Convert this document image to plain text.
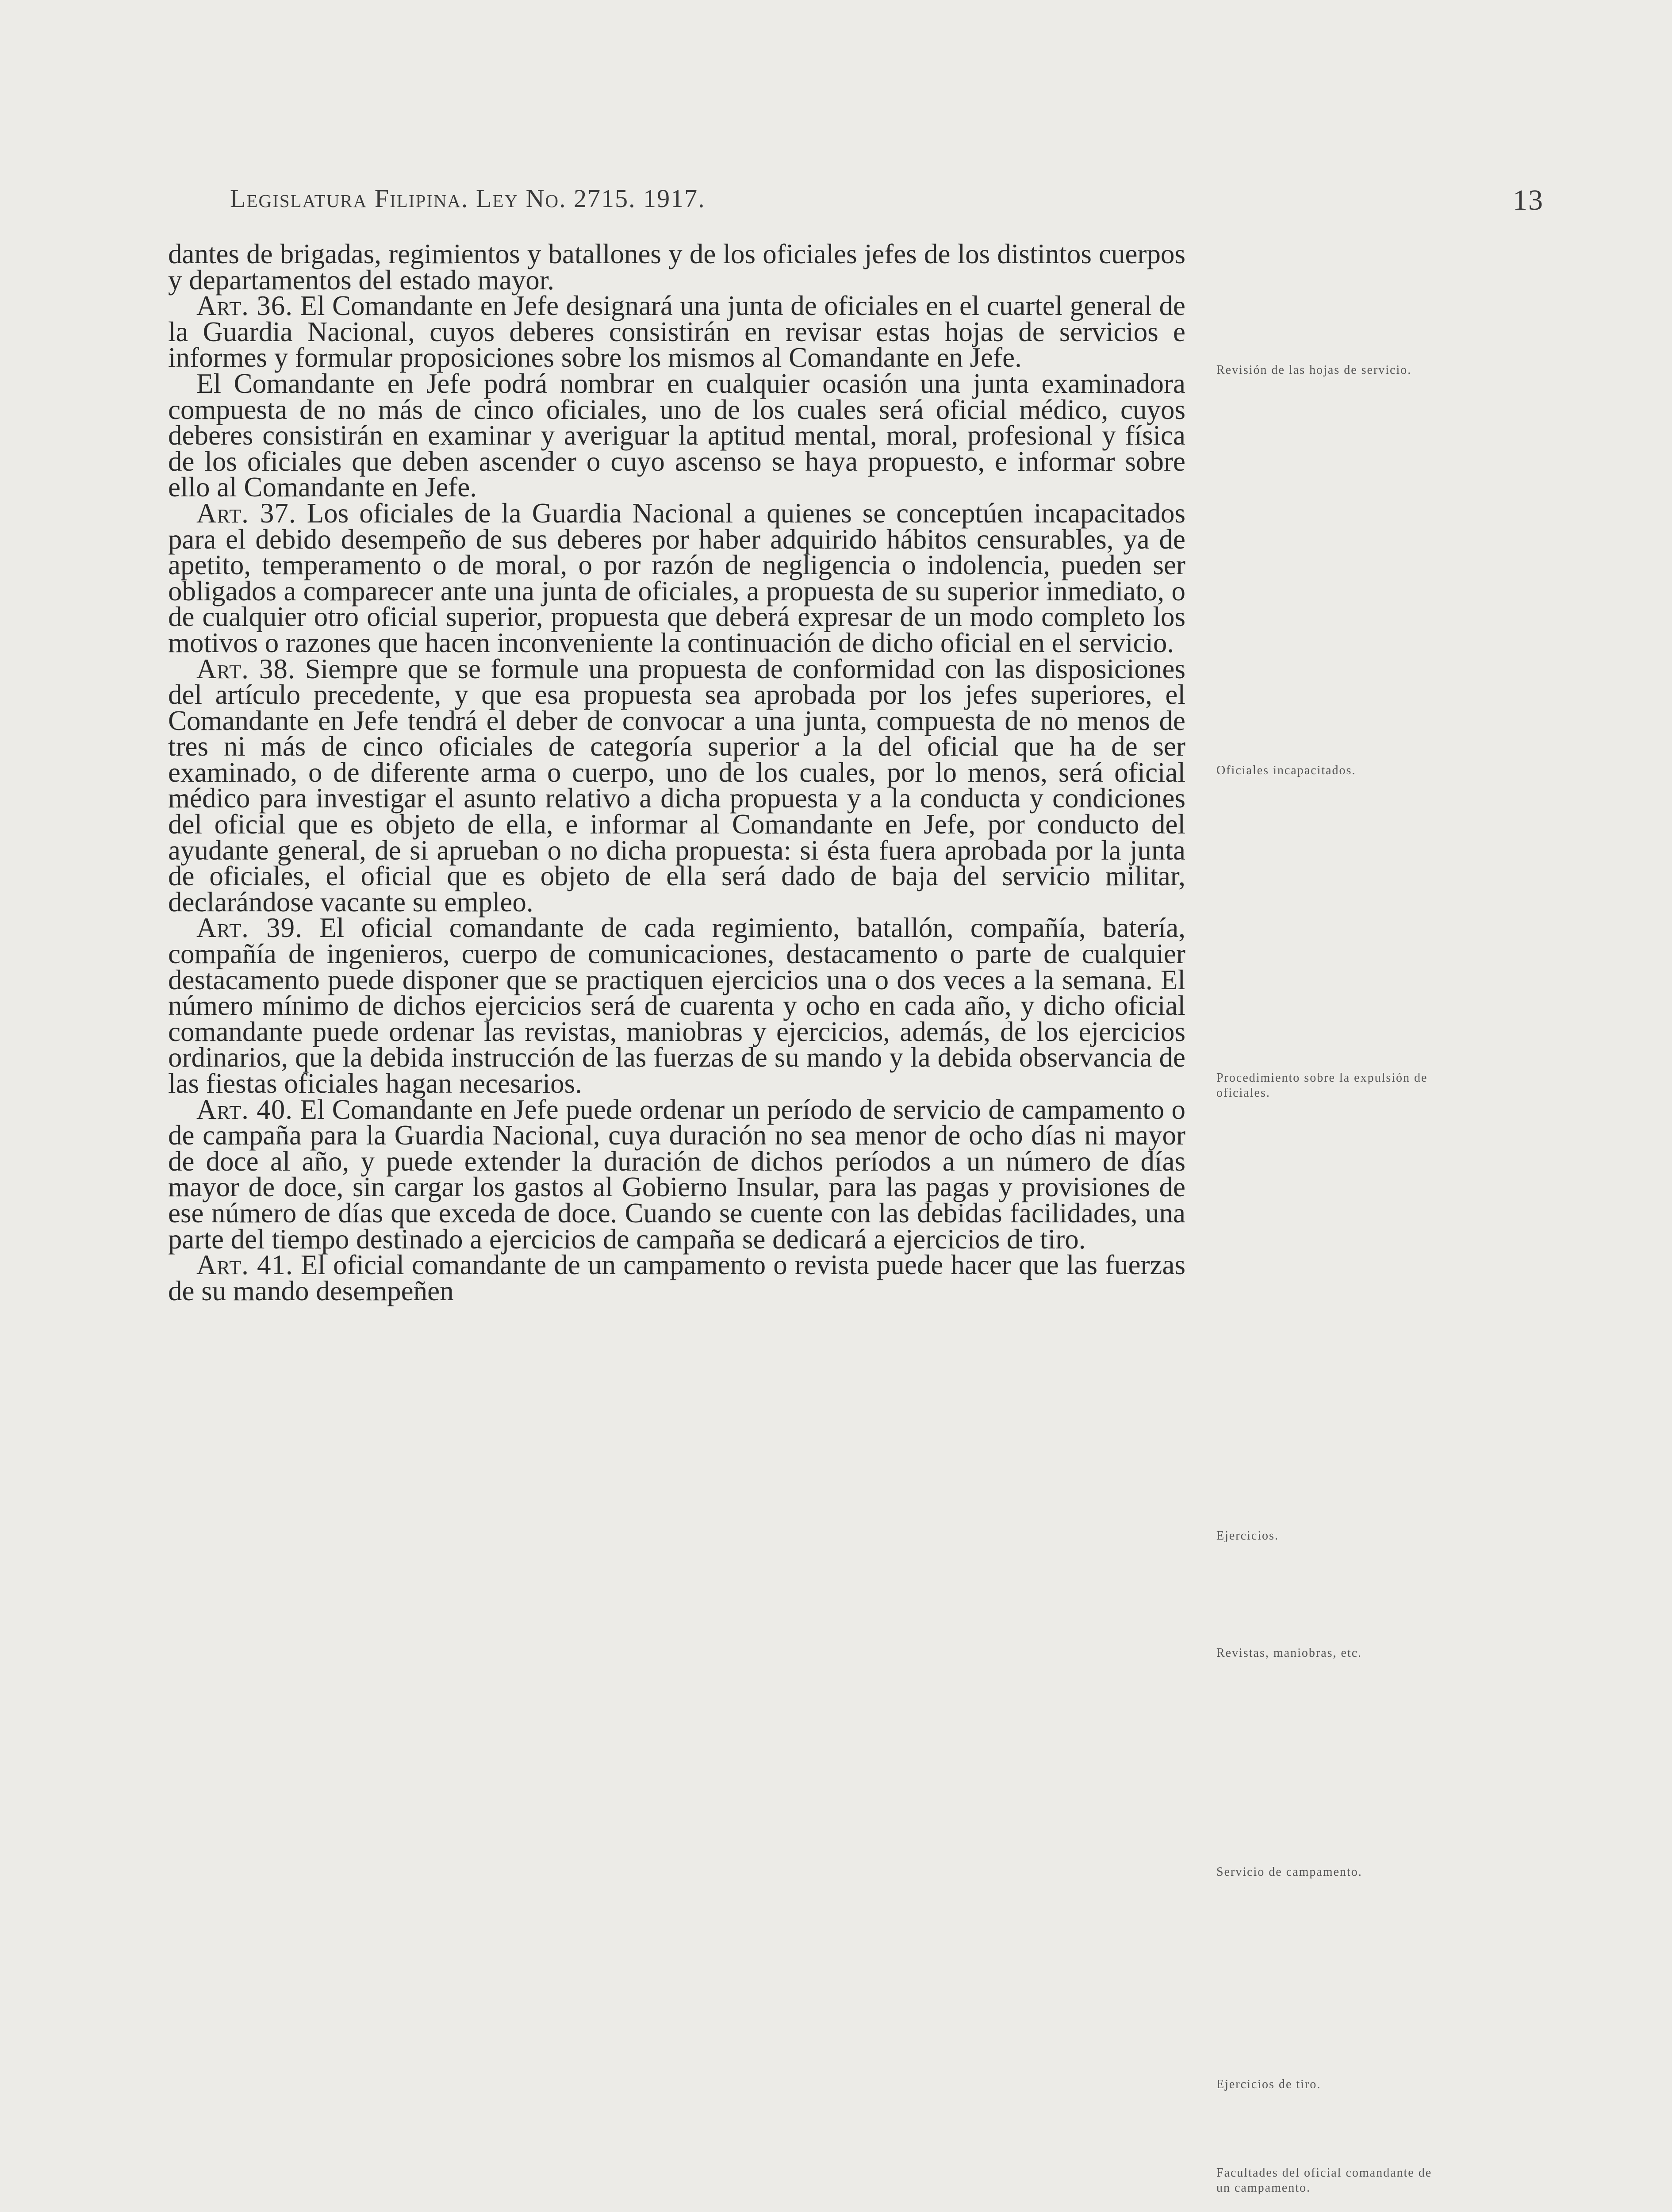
Legislatura Filipina. Ley No. 2715. 1917.	13

dantes de brigadas, regimientos y batallones y de los oficiales jefes de los distintos cuerpos y departamentos del estado mayor.

Art. 36. El Comandante en Jefe designará una junta de oficiales en el cuartel general de la Guardia Nacional, cuyos deberes consistirán en revisar estas hojas de servicios e informes y formular proposiciones sobre los mismos al Comandante en Jefe.

El Comandante en Jefe podrá nombrar en cualquier ocasión una junta examinadora compuesta de no más de cinco oficiales, uno de los cuales será oficial médico, cuyos deberes consistirán en examinar y averiguar la aptitud mental, moral, profesional y física de los oficiales que deben ascender o cuyo ascenso se haya propuesto, e informar sobre ello al Comandante en Jefe.

Art. 37. Los oficiales de la Guardia Nacional a quienes se conceptúen incapacitados para el debido desempeño de sus deberes por haber adquirido hábitos censurables, ya de apetito, temperamento o de moral, o por razón de negligencia o indolencia, pueden ser obligados a comparecer ante una junta de oficiales, a propuesta de su superior inmediato, o de cualquier otro oficial superior, propuesta que deberá expresar de un modo completo los motivos o razones que hacen inconveniente la continuación de dicho oficial en el servicio.

Art. 38. Siempre que se formule una propuesta de conformidad con las disposiciones del artículo precedente, y que esa propuesta sea aprobada por los jefes superiores, el Comandante en Jefe tendrá el deber de convocar a una junta, compuesta de no menos de tres ni más de cinco oficiales de categoría superior a la del oficial que ha de ser examinado, o de diferente arma o cuerpo, uno de los cuales, por lo menos, será oficial médico para investigar el asunto relativo a dicha propuesta y a la conducta y condiciones del oficial que es objeto de ella, e informar al Comandante en Jefe, por conducto del ayudante general, de si aprueban o no dicha propuesta: si ésta fuera aprobada por la junta de oficiales, el oficial que es objeto de ella será dado de baja del servicio militar, declarándose vacante su empleo.

Art. 39. El oficial comandante de cada regimiento, batallón, compañía, batería, compañía de ingenieros, cuerpo de comunicaciones, destacamento o parte de cualquier destacamento puede disponer que se practiquen ejercicios una o dos veces a la semana. El número mínimo de dichos ejercicios será de cuarenta y ocho en cada año, y dicho oficial comandante puede ordenar las revistas, maniobras y ejercicios, además, de los ejercicios ordinarios, que la debida instrucción de las fuerzas de su mando y la debida observancia de las fiestas oficiales hagan necesarios.

Art. 40. El Comandante en Jefe puede ordenar un período de servicio de campamento o de campaña para la Guardia Nacional, cuya duración no sea menor de ocho días ni mayor de doce al año, y puede extender la duración de dichos períodos a un número de días mayor de doce, sin cargar los gastos al Gobierno Insular, para las pagas y provisiones de ese número de días que exceda de doce. Cuando se cuente con las debidas facilidades, una parte del tiempo destinado a ejercicios de campaña se dedicará a ejercicios de tiro.

Art. 41. El oficial comandante de un campamento o revista puede hacer que las fuerzas de su mando desempeñen

Revisión de las hojas de servicio.
Oficiales incapacitados.
Procedimiento sobre la expulsión de oficiales.
Ejercicios.
Revistas, maniobras, etc.
Servicio de campamento.
Ejercicios de tiro.
Facultades del oficial comandante de un campamento.
